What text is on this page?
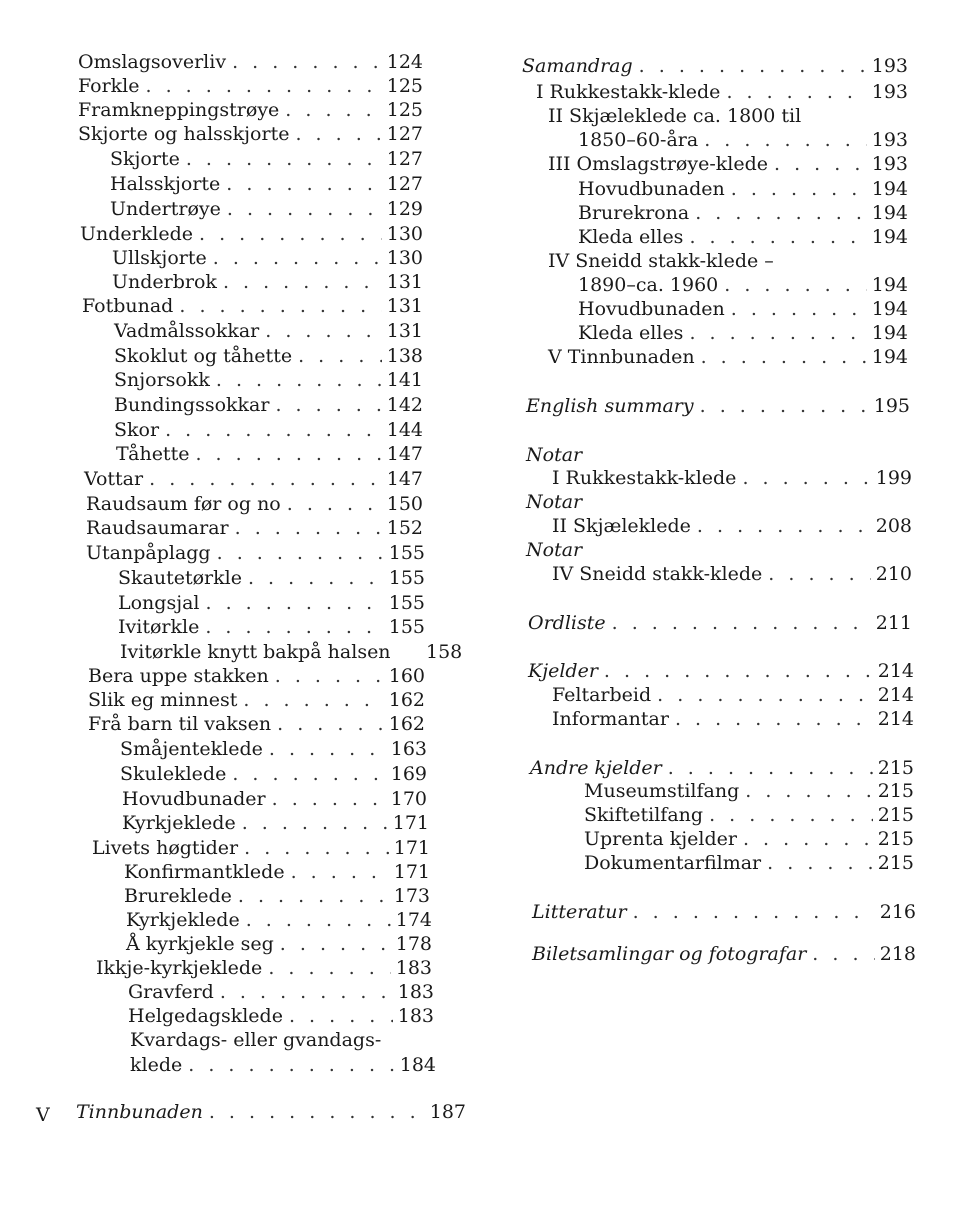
Omslagsoverliv . . .	124
Forkle . . .	125
Framkneppingstrøye . . .	125
Skjorte og halsskjorte . . .	127
Skjorte . . .	127
Halsskjorte . . .	127
Undertrøye . . .	129
Underklede . . .	130
Ullskjorte . . .	130
Underbrok . . .	131
Fotbunad . . .	131
Vadmålssokkar . . .	131
Skoklut og tåhette . . .	138
Snjorsokk . . .	141
Bundingssokkar . . .	142
Skor . . .	144
Tåhette . . .	147
Vottar . . .	147
Raudsaum før og no . . .	150
Raudsaumarar . . .	152
Utanpåplagg . . .	155
Skautetørkle . . .	155
Longsjal . . .	155
Ivitørkle . . .	155
Ivitørkle knytt bakpå halsen 158
Bera uppe stakken . . .	160
Slik eg minnest . . .	162
Frå barn til vaksen . . .	162
Småjenteklede . . .	163
Skuleklede . . .	169
Hovudbunader . . .	170
Kyrkjeklede . . .	171
Livets høgtider . . .	171
Konfirmantklede . . .	171
Brureklede . . .	173
Kyrkjeklede . . .	174
Å kyrkjekle seg . . .	178
Ikkje-kyrkjeklede . . .	183
Gravferd . . .	183
Helgedagsklede . . .	183
Kvardags- eller gvandags-
klede . . .	184
Samandrag . . .	193
I Rukkestakk-klede . . .	193
II Skjæleklede ca. 1800 til
1850–60-åra . . .	193
III Omslagstrøye-klede . . .	193
Hovudbunaden . . .	194
Brurekrona . . .	194
Kleda elles . . .	194
IV Sneidd stakk-klede –
1890–ca. 1960 . . .	194
Hovudbunaden . . .	194
Kleda elles . . .	194
V Tinnbunaden . . .	194
English summary . . .	195
Notar
I Rukkestakk-klede . . .	199
Notar
II Skjæleklede . . .	208
Notar
IV Sneidd stakk-klede . . .	210
Ordliste . . .	211
Kjelder . . .	214
Feltarbeid . . .	214
Informantar . . .	214
Andre kjelder . . .	215
Museumstilfang . . .	215
Skiftetilfang . . .	215
Uprenta kjelder . . .	215
Dokumentarfilmar . . .	215
Litteratur . . .	216
Biletsamlingar og fotografar . . .	218
V Tinnbunaden . . .	187
